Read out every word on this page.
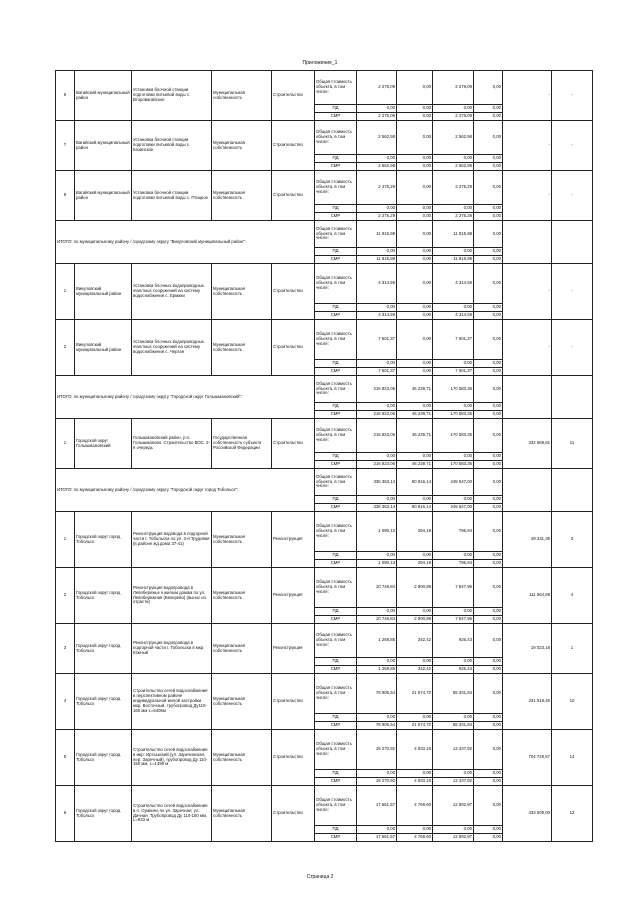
Приложение_1
6	Вагайский муниципальный район	Установка блочной станции подготовки питьевой воды с. Второвагайское	Муниципальная собственность	Строительство	Общая стоимость объекта, в том числе:	2 276,09	0,00	2 276,09	0,00	-	-
					ПД	0,00	0,00	0,00	0,00		
					СМР	2 276,09	0,00	2 276,09	0,00		
7	Вагайский муниципальный район	Установка блочной станции подготовки питьевой воды с. Казанское	Муниципальная собственность	Строительство	Общая стоимость объекта, в том числе:	2 562,98	0,00	2 562,98	0,00	-	-
					ПД	0,00	0,00	0,00	0,00		
					СМР	2 562,98	0,00	2 562,98	0,00		
8	Вагайский муниципальный район	Установка блочной станции подготовки питьевой воды с. Птицкое	Муниципальная собственность	Строительство	Общая стоимость объекта, в том числе:	2 275,29	0,00	2 275,29	0,00	-	-
					ПД	0,00	0,00	0,00	0,00		
					СМР	2 275,29	0,00	2 275,29	0,00		
ИТОГО: по муниципальному району / городскому округу "Викуловский муниципальный район":					Общая стоимость объекта, в том числе:	11 915,98	0,00	11 915,98	0,00		
					ПД	0,00	0,00	0,00	0,00		
					СМР	11 915,98	0,00	11 915,98	0,00		
1	Викуловский муниципальный район	Установка блочных водопроводных очистных сооружений на систему водоснабжения с. Ермаки	Муниципальная собственность	Строительство	Общая стоимость объекта, в том числе:	4 314,59	0,00	4 314,59	0,00	-	-
					ПД	0,00	0,00	0,00	0,00		
					СМР	4 314,59	0,00	4 314,59	0,00		
2	Викуловский муниципальный район	Установка блочных водопроводных очистных сооружений на систему водоснабжения с. Чертан	Муниципальная собственность	Строительство	Общая стоимость объекта, в том числе:	7 601,37	0,00	7 601,37	0,00	-	-
					ПД	0,00	0,00	0,00	0,00		
					СМР	7 601,37	0,00	7 601,37	0,00		
ИТОГО: по муниципальному району / городскому округу "Городской округ Голышмановский":					Общая стоимость объекта, в том числе:	216 823,06	46 239,71	170 583,35	0,00		
					ПД	0,00	0,00	0,00	0,00		
					СМР	216 823,06	46 239,71	170 583,35	0,00		
1	Городской округ Голышмановский	Голышмановский район, р.п. Голышманово. Строительство ВОС. 2-я очередь	Государственная собственность субъекта Российской Федерации	Строительство	Общая стоимость объекта, в том числе:	216 823,06	46 239,71	170 583,35	0,00	332 669,81	11
					ПД	0,00	0,00	0,00	0,00		
					СМР	216 823,06	46 239,71	170 583,35	0,00		
ИТОГО: по муниципальному району / городскому округу "Городской округ город Тобольск":					Общая стоимость объекта, в том числе:	336 363,14	90 816,14	245 547,00	0,00		
					ПД	0,00	0,00	0,00	0,00		
					СМР	336 363,14	90 816,14	245 547,00	0,00		
1	Городской округ город Тобольск	Реконструкция водовода в подгорной части г. Тобольска по ул. 3-я Трудовая (в районе жд.дома 37-41)	Муниципальная собственность	Реконструкция	Общая стоимость объекта, в том числе:	1 090,13	294,19	795,94	0,00	49 331,35	3
					ПД	0,00	0,00	0,00	0,00		
					СМР	1 090,13	294,19	795,94	0,00		
2	Городской округ город Тобольск	Реконструкция водопровода в Левобережье к жилым домам по ул. Левобережная (Бекерево) (вынос из отрасти)	Муниципальная собственность	Реконструкция	Общая стоимость объекта, в том числе:	10 748,84	2 900,88	7 847,96	0,00	111 564,69	4
					ПД	0,00	0,00	0,00	0,00		
					СМР	10 748,84	2 900,88	7 847,96	0,00		
3	Городской округ город Тобольск	Реконструкция водопровода в подгорной части г. Тобольска в мкр. Южный	Муниципальная собственность	Реконструкция	Общая стоимость объекта, в том числе:	1 268,85	342,42	926,43	0,00	19 023,16	1
					ПД	0,00	0,00	0,00	0,00		
					СМР	1 268,85	342,42	926,43	0,00		
4	Городской округ город Тобольск	Строительство сетей водоснабжения в перспективном районе индивидуальной жилой застройки мкр. Восточный, трубопровод Ду110-160 мм L=6405м	Муниципальная собственность	Строительство	Общая стоимость объекта, в том числе:	79 906,54	21 574,70	58 331,84	0,00	331 918,46	10
					ПД	0,00	0,00	0,00	0,00		
					СМР	79 906,54	21 574,70	58 331,84	0,00		
5	Городской округ город Тобольск	Строительство сетей водоснабжения в мкр. Иртышский (ул. Заречинская, пер. Заречный), трубопровод Ду 110-150 мм, L=1490 м	Муниципальная собственность	Строительство	Общая стоимость объекта, в том числе:	18 270,92	4 933,15	13 337,82	0,00	704 728,57	14
					ПД	0,00	0,00	0,00	0,00		
					СМР	18 270,92	4 933,15	13 337,82	0,00		
6	Городской округ город Тобольск	Строительство сетей водоснабжения в п. Сумкино по ул. Заречная, ул. Дачная. Трубопровод Ду 110-150 мм, L=933 м	Муниципальная собственность	Строительство	Общая стоимость объекта, в том числе:	17 661,57	4 768,60	12 892,97	0,00	433 509,00	12
					ПД	0,00	0,00	0,00	0,00		
					СМР	17 661,57	4 768,60	12 892,97	0,00		
Страница 2
